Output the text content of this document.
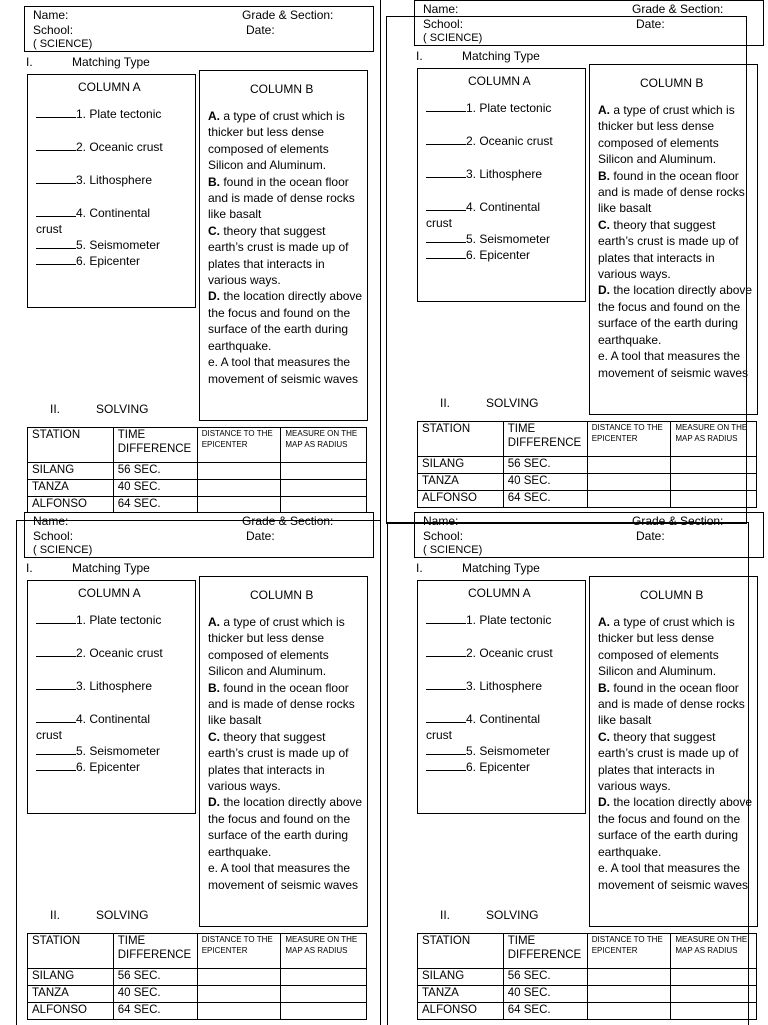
Name:	Grade & Section:
School:	Date:
( SCIENCE)
I.	Matching Type
COLUMN A
1. Plate tectonic
2. Oceanic crust
3. Lithosphere
4. Continental
crust
5. Seismometer
6. Epicenter
COLUMN B

A. a type of crust which is thicker but less dense composed of elements Silicon and Aluminum.

B. found in the ocean floor and is made of dense rocks like basalt

C. theory that suggest earth’s crust is made up of plates that interacts in various ways.

D. the location directly above the focus and found on the surface of the earth during earthquake.

e. A tool that measures the movement of seismic waves

II.	SOLVING
STATION	TIME DIFFERENCE	DISTANCE TO THE EPICENTER	MEASURE ON THE MAP AS RADIUS
SILANG	56 SEC.		
TANZA	40 SEC.		
ALFONSO	64 SEC.		
Name:	Grade & Section:
School:	Date:
( SCIENCE)
I.	Matching Type
COLUMN A
1. Plate tectonic
2. Oceanic crust
3. Lithosphere
4. Continental
crust
5. Seismometer
6. Epicenter
COLUMN B

A. a type of crust which is thicker but less dense composed of elements Silicon and Aluminum.

B. found in the ocean floor and is made of dense rocks like basalt

C. theory that suggest earth’s crust is made up of plates that interacts in various ways.

D. the location directly above the focus and found on the surface of the earth during earthquake.

e. A tool that measures the movement of seismic waves

II.	SOLVING
STATION	TIME DIFFERENCE	DISTANCE TO THE EPICENTER	MEASURE ON THE MAP AS RADIUS
SILANG	56 SEC.		
TANZA	40 SEC.		
ALFONSO	64 SEC.		
Name:	Grade & Section:
School:	Date:
( SCIENCE)
I.	Matching Type
COLUMN A
1. Plate tectonic
2. Oceanic crust
3. Lithosphere
4. Continental
crust
5. Seismometer
6. Epicenter
COLUMN B

A. a type of crust which is thicker but less dense composed of elements Silicon and Aluminum.

B. found in the ocean floor and is made of dense rocks like basalt

C. theory that suggest earth’s crust is made up of plates that interacts in various ways.

D. the location directly above the focus and found on the surface of the earth during earthquake.

e. A tool that measures the movement of seismic waves

II.	SOLVING
STATION	TIME DIFFERENCE	DISTANCE TO THE EPICENTER	MEASURE ON THE MAP AS RADIUS
SILANG	56 SEC.		
TANZA	40 SEC.		
ALFONSO	64 SEC.		
Name:	Grade & Section:
School:	Date:
( SCIENCE)
I.	Matching Type
COLUMN A
1. Plate tectonic
2. Oceanic crust
3. Lithosphere
4. Continental
crust
5. Seismometer
6. Epicenter
COLUMN B

A. a type of crust which is thicker but less dense composed of elements Silicon and Aluminum.

B. found in the ocean floor and is made of dense rocks like basalt

C. theory that suggest earth’s crust is made up of plates that interacts in various ways.

D. the location directly above the focus and found on the surface of the earth during earthquake.

e. A tool that measures the movement of seismic waves

II.	SOLVING
STATION	TIME DIFFERENCE	DISTANCE TO THE EPICENTER	MEASURE ON THE MAP AS RADIUS
SILANG	56 SEC.		
TANZA	40 SEC.		
ALFONSO	64 SEC.		
